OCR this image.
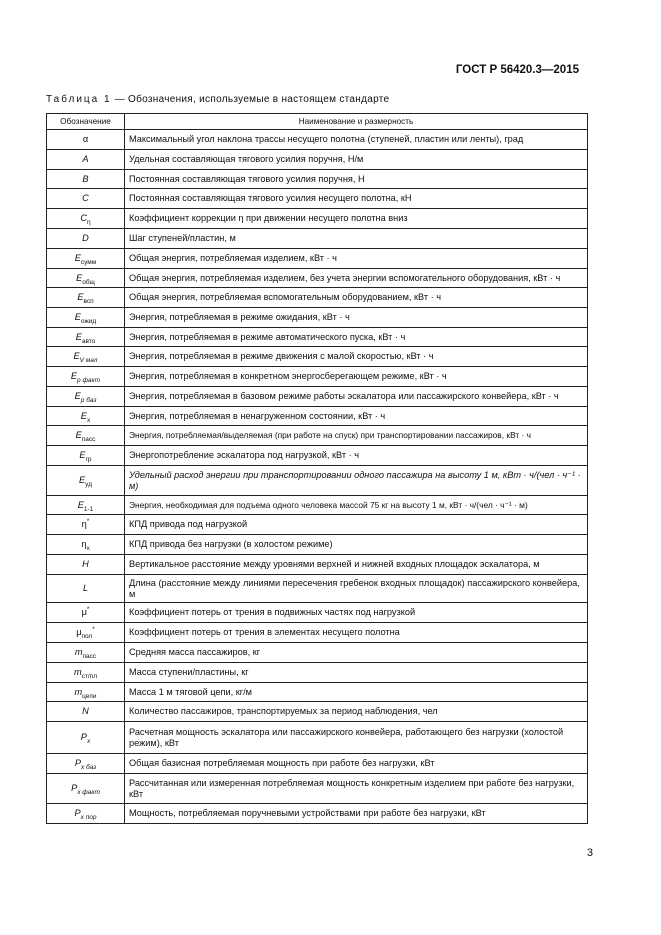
ГОСТ Р 56420.3—2015
Таблица 1 — Обозначения, используемые в настоящем стандарте
Обозначение	Наименование и размерность
α	Максимальный угол наклона трассы несущего полотна (ступеней, пластин или ленты), град
A	Удельная составляющая тягового усилия поручня, Н/м
B	Постоянная составляющая тягового усилия поручня, Н
C	Постоянная составляющая тягового усилия несущего полотна, кН
$C_\eta$	Коэффициент коррекции η при движении несущего полотна вниз
D	Шаг ступеней/пластин, м
$E_{сумм}$	Общая энергия, потребляемая изделием, кВт · ч
$E_{общ}$	Общая энергия, потребляемая изделием, без учета энергии вспомогательного оборудования, кВт · ч
$E_{всп}$	Общая энергия, потребляемая вспомогательным оборудованием, кВт · ч
$E_{ожид}$	Энергия, потребляемая в режиме ожидания, кВт · ч
$E_{авто}$	Энергия, потребляемая в режиме автоматического пуска, кВт · ч
$E_{V мал}$	Энергия, потребляемая в режиме движения с малой скоростью, кВт · ч
$E_{p факт}$	Энергия, потребляемая в конкретном энергосберегающем режиме, кВт · ч
$E_{p баз}$	Энергия, потребляемая в базовом режиме работы эскалатора или пассажирского конвейера, кВт · ч
$E_x$	Энергия, потребляемая в ненагруженном состоянии, кВт · ч
$E_{пасс}$	Энергия, потребляемая/выделяемая (при работе на спуск) при транспортировании пассажиров, кВт · ч
$E_{гр}$	Энергопотребление эскалатора под нагрузкой, кВт · ч
$E_{уд}$	Удельный расход энергии при транспортировании одного пассажира на высоту 1 м, кВт · ч/(чел · ч⁻¹ · м)
$E_{1-1}$	Энергия, необходимая для подъема одного человека массой 75 кг на высоту 1 м, кВт · ч/(чел · ч⁻¹ · м)
η*	КПД привода под нагрузкой
$\eta_x$	КПД привода без нагрузки (в холостом режиме)
H	Вертикальное расстояние между уровнями верхней и нижней входных площадок эскалатора, м
L	Длина (расстояние между линиями пересечения гребенок входных площадок) пассажирского конвейера, м
μ*	Коэффициент потерь от трения в подвижных частях под нагрузкой
$\mu_{пол}^*$	Коэффициент потерь от трения в элементах несущего полотна
$m_{пасс}$	Средняя масса пассажиров, кг
$m_{ст/пл}$	Масса ступени/пластины, кг
$m_{цепи}$	Масса 1 м тяговой цепи, кг/м
N	Количество пассажиров, транспортируемых за период наблюдения, чел
$P_x$	Расчетная мощность эскалатора или пассажирского конвейера, работающего без нагрузки (холостой режим), кВт
$P_{x баз}$	Общая базисная потребляемая мощность при работе без нагрузки, кВт
$P_{x факт}$	Рассчитанная или измеренная потребляемая мощность конкретным изделием при работе без нагрузки, кВт
$P_{x пор}$	Мощность, потребляемая поручневыми устройствами при работе без нагрузки, кВт
3
